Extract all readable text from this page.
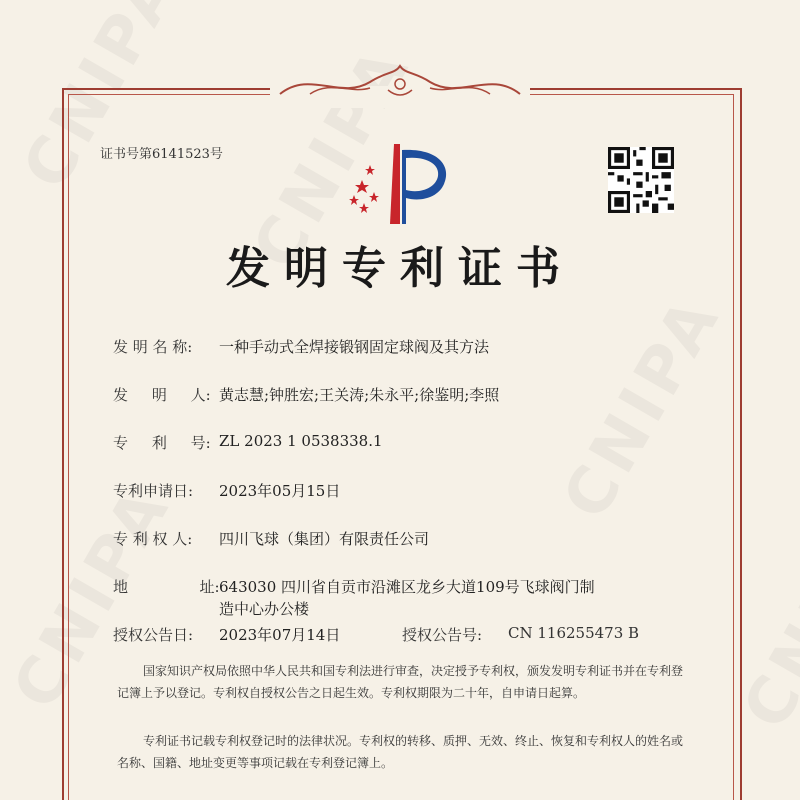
证书号第6141523号
发明专利证书
发 明 名 称: 一种手动式全焊接锻钢固定球阀及其方法
发     明     人: 黄志慧;钟胜宏;王关涛;朱永平;徐鉴明;李照
专     利     号: ZL 2023 1 0538338.1
专利申请日: 2023年05月15日
专 利 权 人: 四川飞球（集团）有限责任公司
地               址: 643030 四川省自贡市沿滩区龙乡大道109号飞球阀门制
造中心办公楼
授权公告日: 2023年07月14日	授权公告号: CN 116255473 B
国家知识产权局依照中华人民共和国专利法进行审查，决定授予专利权，颁发发明专利证书并在专利登记簿上予以登记。专利权自授权公告之日起生效。专利权期限为二十年，自申请日起算。
专利证书记载专利权登记时的法律状况。专利权的转移、质押、无效、终止、恢复和专利权人的姓名或名称、国籍、地址变更等事项记载在专利登记簿上。
